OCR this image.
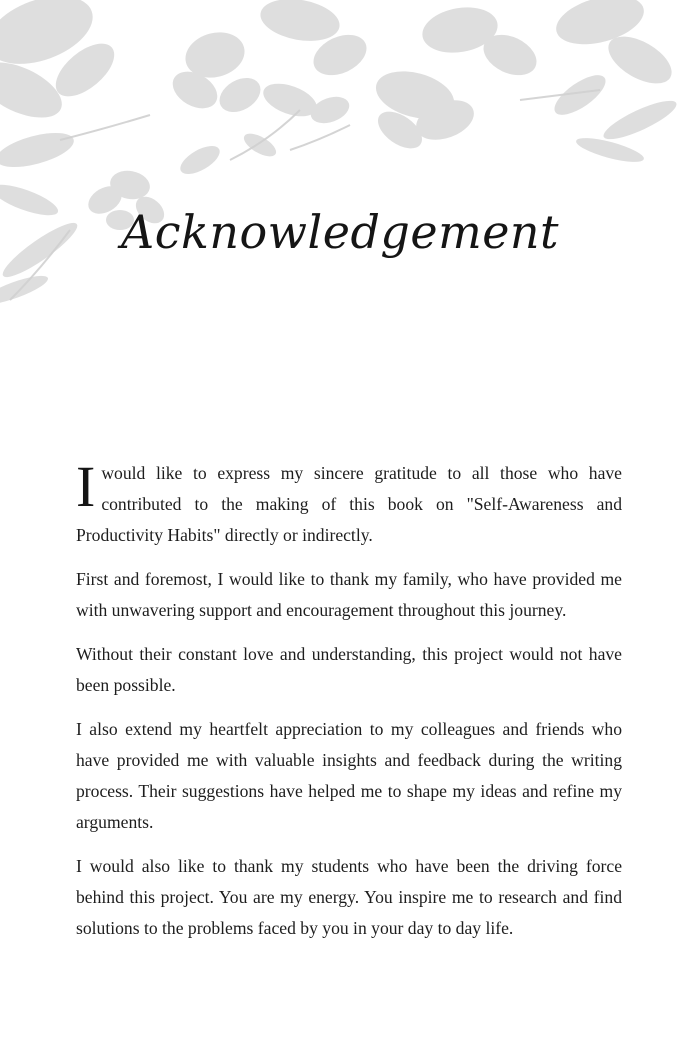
Acknowledgement

I would like to express my sincere gratitude to all those who have contributed to the making of this book on "Self-Awareness and Productivity Habits" directly or indirectly.

First and foremost, I would like to thank my family, who have provided me with unwavering support and encouragement throughout this journey.

Without their constant love and understanding, this project would not have been possible.

I also extend my heartfelt appreciation to my colleagues and friends who have provided me with valuable insights and feedback during the writing process. Their suggestions have helped me to shape my ideas and refine my arguments.

I would also like to thank my students who have been the driving force behind this project. You are my energy. You inspire me to research and find solutions to the problems faced by you in your day to day life.
